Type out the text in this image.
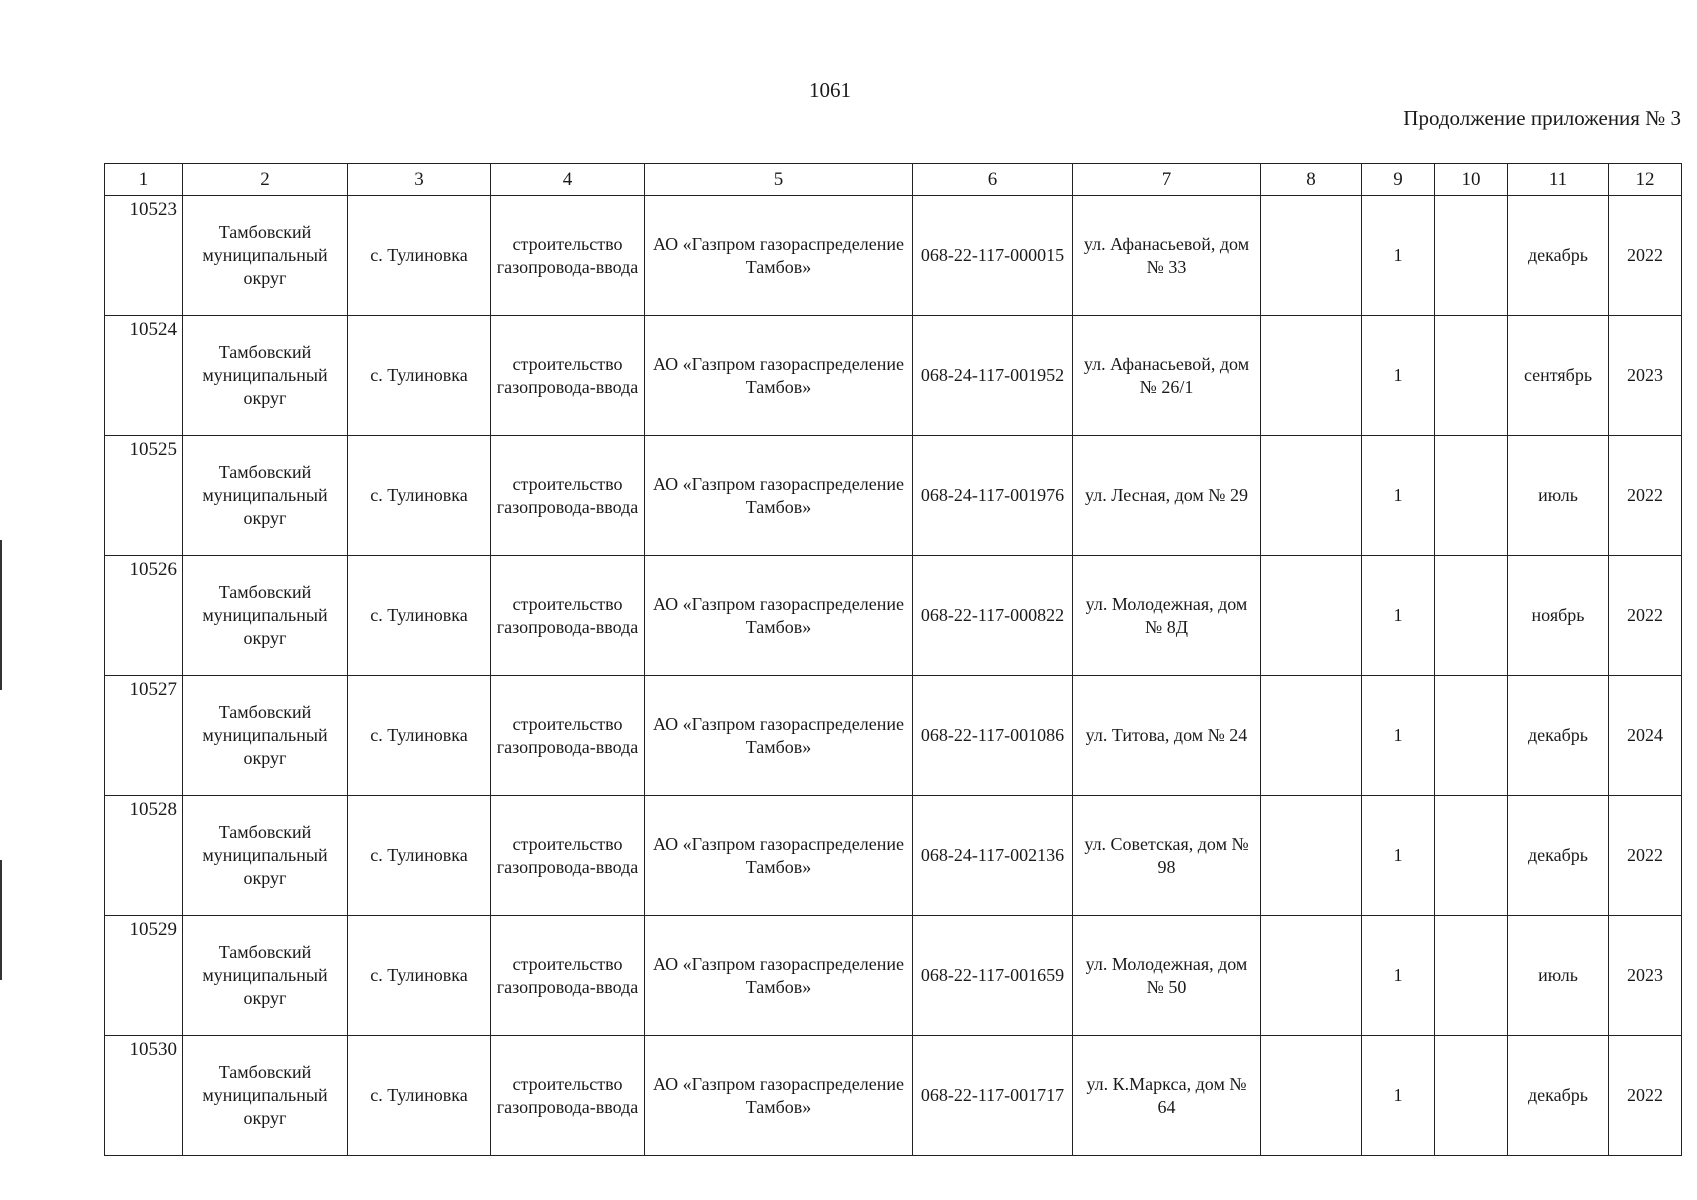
1061
Продолжение приложения № 3
1	2	3	4	5	6	7	8	9	10	11	12
10523	Тамбовский муниципальный округ	с. Тулиновка	строительство газопровода-ввода	АО «Газпром газораспределение Тамбов»	068-22-117-000015	ул. Афанасьевой, дом № 33		1		декабрь	2022
10524	Тамбовский муниципальный округ	с. Тулиновка	строительство газопровода-ввода	АО «Газпром газораспределение Тамбов»	068-24-117-001952	ул. Афанасьевой, дом № 26/1		1		сентябрь	2023
10525	Тамбовский муниципальный округ	с. Тулиновка	строительство газопровода-ввода	АО «Газпром газораспределение Тамбов»	068-24-117-001976	ул. Лесная, дом № 29		1		июль	2022
10526	Тамбовский муниципальный округ	с. Тулиновка	строительство газопровода-ввода	АО «Газпром газораспределение Тамбов»	068-22-117-000822	ул. Молодежная, дом № 8Д		1		ноябрь	2022
10527	Тамбовский муниципальный округ	с. Тулиновка	строительство газопровода-ввода	АО «Газпром газораспределение Тамбов»	068-22-117-001086	ул. Титова, дом № 24		1		декабрь	2024
10528	Тамбовский муниципальный округ	с. Тулиновка	строительство газопровода-ввода	АО «Газпром газораспределение Тамбов»	068-24-117-002136	ул. Советская, дом № 98		1		декабрь	2022
10529	Тамбовский муниципальный округ	с. Тулиновка	строительство газопровода-ввода	АО «Газпром газораспределение Тамбов»	068-22-117-001659	ул. Молодежная, дом № 50		1		июль	2023
10530	Тамбовский муниципальный округ	с. Тулиновка	строительство газопровода-ввода	АО «Газпром газораспределение Тамбов»	068-22-117-001717	ул. К.Маркса, дом № 64		1		декабрь	2022
